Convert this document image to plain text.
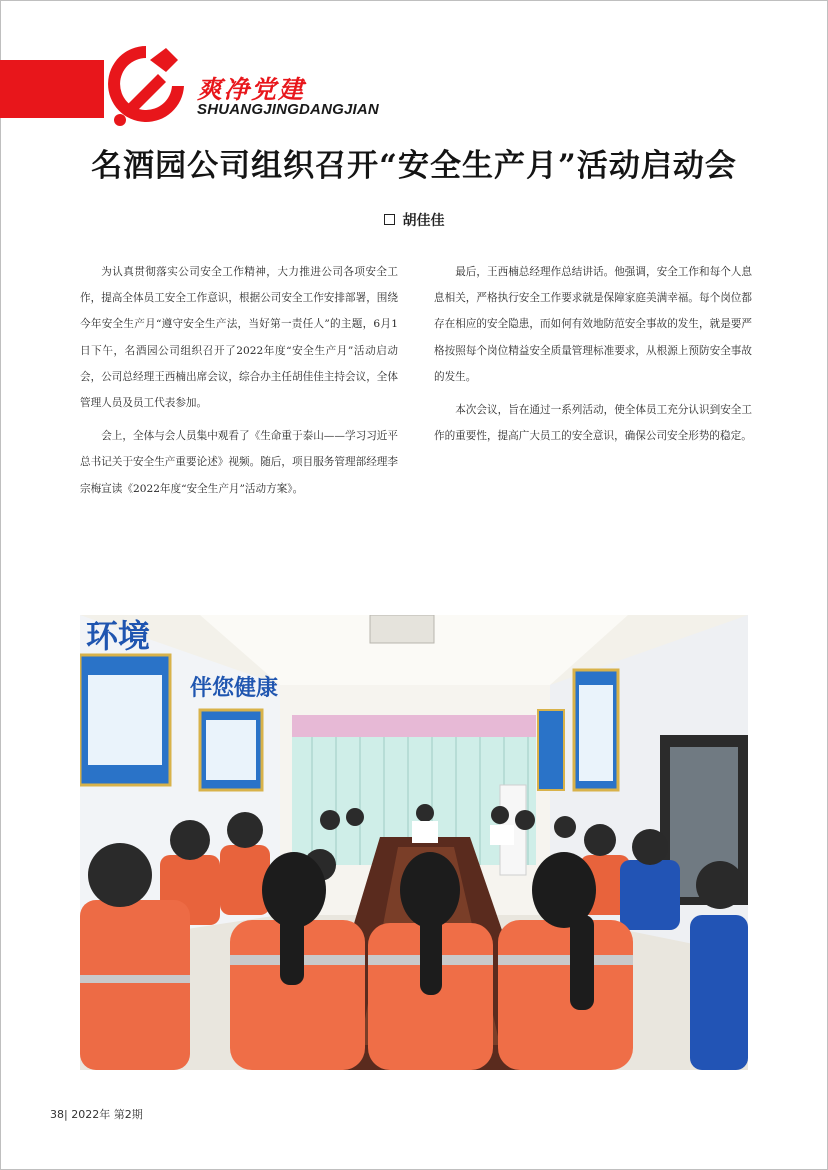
爽净党建
SHUANGJINGDANGJIAN
名酒园公司组织召开“安全生产月”活动启动会
胡佳佳

为认真贯彻落实公司安全工作精神，大力推进公司各项安全工作，提高全体员工安全工作意识，根据公司安全工作安排部署，围绕今年安全生产月“遵守安全生产法，当好第一责任人”的主题，6月1日下午，名酒园公司组织召开了2022年度“安全生产月”活动启动会，公司总经理王西楠出席会议，综合办主任胡佳佳主持会议，全体管理人员及员工代表参加。

会上，全体与会人员集中观看了《生命重于泰山——学习习近平总书记关于安全生产重要论述》视频。随后，项目服务管理部经理李宗梅宣读《2022年度“安全生产月”活动方案》。

最后，王西楠总经理作总结讲话。他强调，安全工作和每个人息息相关，严格执行安全工作要求就是保障家庭美满幸福。每个岗位都存在相应的安全隐患，而如何有效地防范安全事故的发生，就是要严格按照每个岗位精益安全质量管理标准要求，从根源上预防安全事故的发生。

本次会议，旨在通过一系列活动，使全体员工充分认识到安全工作的重要性，提高广大员工的安全意识，确保公司安全形势的稳定。

环境
伴您健康
38| 2022年 第2期
